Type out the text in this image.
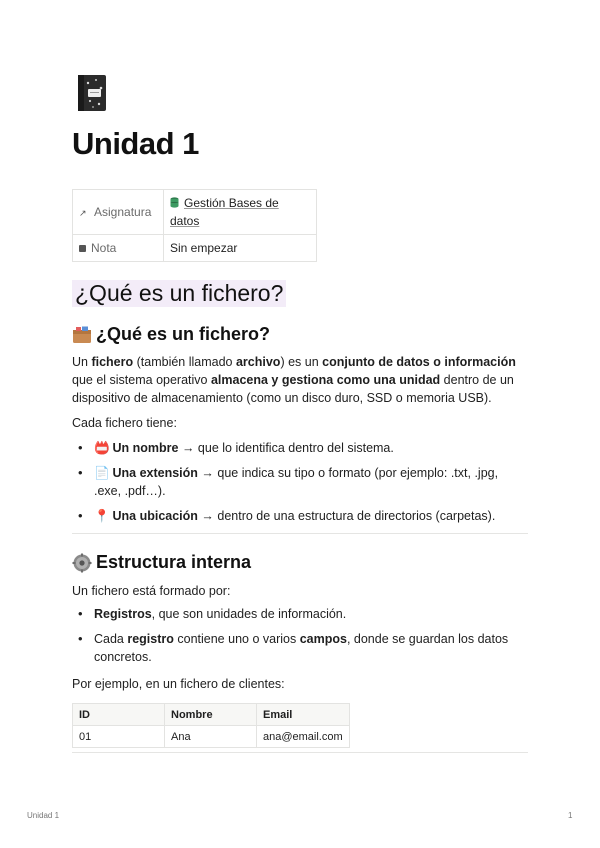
Unidad 1
↗ Asignatura	Gestión Bases de datos
Nota	Sin empezar
¿Qué es un fichero?
¿Qué es un fichero?

Un fichero (también llamado archivo) es un conjunto de datos o información que el sistema operativo almacena y gestiona como una unidad dentro de un dispositivo de almacenamiento (como un disco duro, SSD o memoria USB).

Cada fichero tiene:

• 📛 Un nombre → que lo identifica dentro del sistema.
• 📄 Una extensión → que indica su tipo o formato (por ejemplo: .txt, .jpg, .exe, .pdf…).
• 📍 Una ubicación → dentro de una estructura de directorios (carpetas).
Estructura interna

Un fichero está formado por:

• Registros, que son unidades de información.
• Cada registro contiene uno o varios campos, donde se guardan los datos concretos.

Por ejemplo, en un fichero de clientes:

ID	Nombre	Email
01	Ana	ana@email.com
Unidad 1	1
